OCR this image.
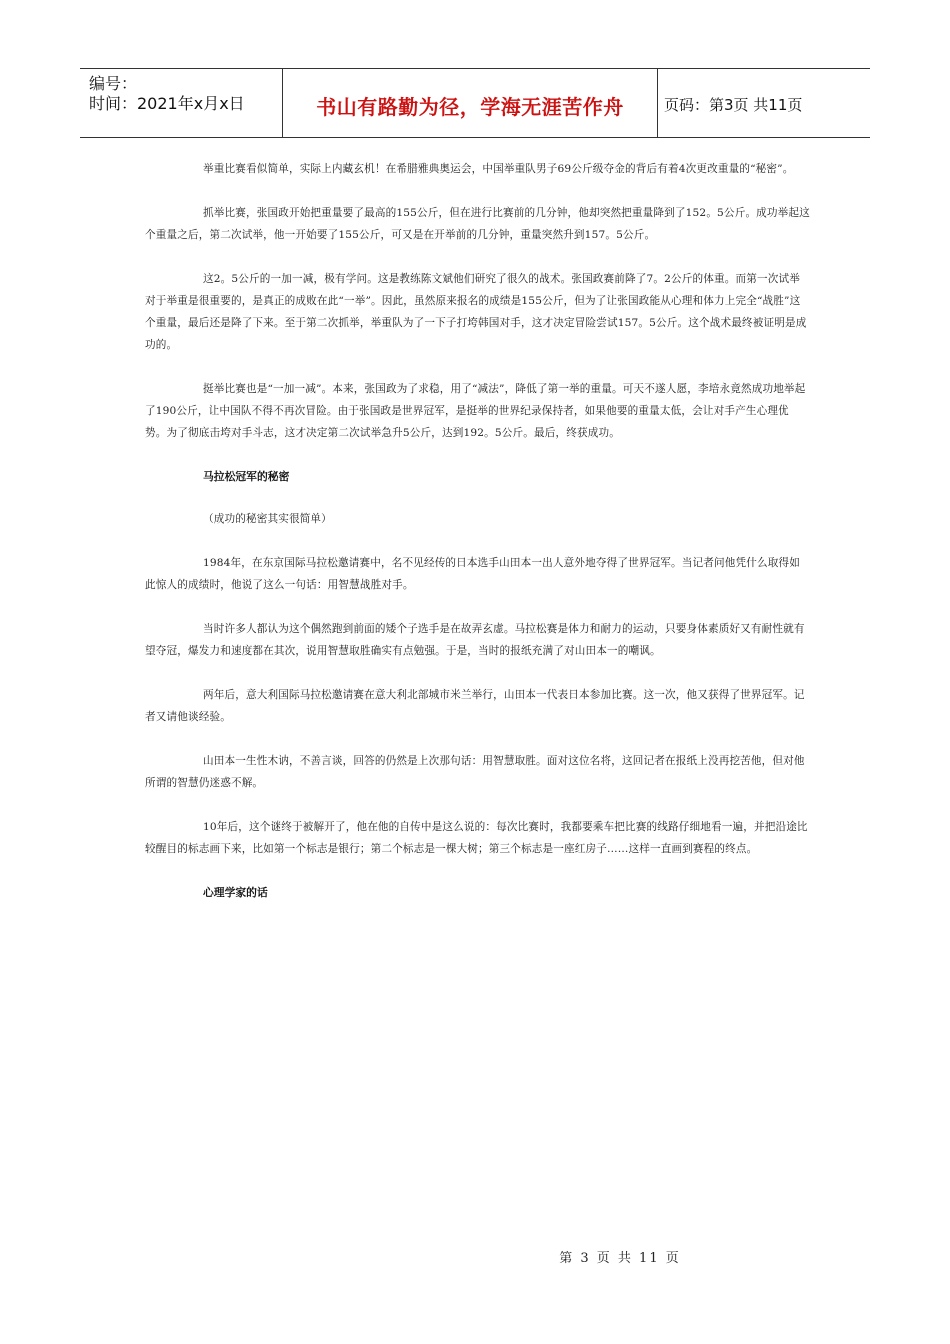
编号：
时间：2021年x月x日	书山有路勤为径，学海无涯苦作舟	页码：第3页 共11页

举重比赛看似简单，实际上内藏玄机！在希腊雅典奥运会，中国举重队男子69公斤级夺金的背后有着4次更改重量的“秘密”。

抓举比赛，张国政开始把重量要了最高的155公斤，但在进行比赛前的几分钟，他却突然把重量降到了152。5公斤。成功举起这个重量之后，第二次试举，他一开始要了155公斤，可又是在开举前的几分钟，重量突然升到157。5公斤。

这2。5公斤的一加一减，极有学问。这是教练陈文斌他们研究了很久的战术。张国政赛前降了7。2公斤的体重。而第一次试举对于举重是很重要的，是真正的成败在此“一举”。因此，虽然原来报名的成绩是155公斤，但为了让张国政能从心理和体力上完全“战胜”这个重量，最后还是降了下来。至于第二次抓举，举重队为了一下子打垮韩国对手，这才决定冒险尝试157。5公斤。这个战术最终被证明是成功的。

挺举比赛也是“一加一减”。本来，张国政为了求稳，用了“减法”，降低了第一举的重量。可天不遂人愿，李培永竟然成功地举起了190公斤，让中国队不得不再次冒险。由于张国政是世界冠军，是挺举的世界纪录保持者，如果他要的重量太低，会让对手产生心理优势。为了彻底击垮对手斗志，这才决定第二次试举急升5公斤，达到192。5公斤。最后，终获成功。

马拉松冠军的秘密

（成功的秘密其实很简单）

1984年，在东京国际马拉松邀请赛中，名不见经传的日本选手山田本一出人意外地夺得了世界冠军。当记者问他凭什么取得如此惊人的成绩时，他说了这么一句话：用智慧战胜对手。

当时许多人都认为这个偶然跑到前面的矮个子选手是在故弄玄虚。马拉松赛是体力和耐力的运动，只要身体素质好又有耐性就有望夺冠，爆发力和速度都在其次，说用智慧取胜确实有点勉强。于是，当时的报纸充满了对山田本一的嘲讽。

两年后，意大利国际马拉松邀请赛在意大利北部城市米兰举行，山田本一代表日本参加比赛。这一次，他又获得了世界冠军。记者又请他谈经验。

山田本一生性木讷，不善言谈，回答的仍然是上次那句话：用智慧取胜。面对这位名将，这回记者在报纸上没再挖苦他，但对他所谓的智慧仍迷惑不解。

10年后，这个谜终于被解开了，他在他的自传中是这么说的：每次比赛时，我都要乘车把比赛的线路仔细地看一遍，并把沿途比较醒目的标志画下来，比如第一个标志是银行；第二个标志是一棵大树；第三个标志是一座红房子……这样一直画到赛程的终点。

心理学家的话

第 3 页 共 11 页
